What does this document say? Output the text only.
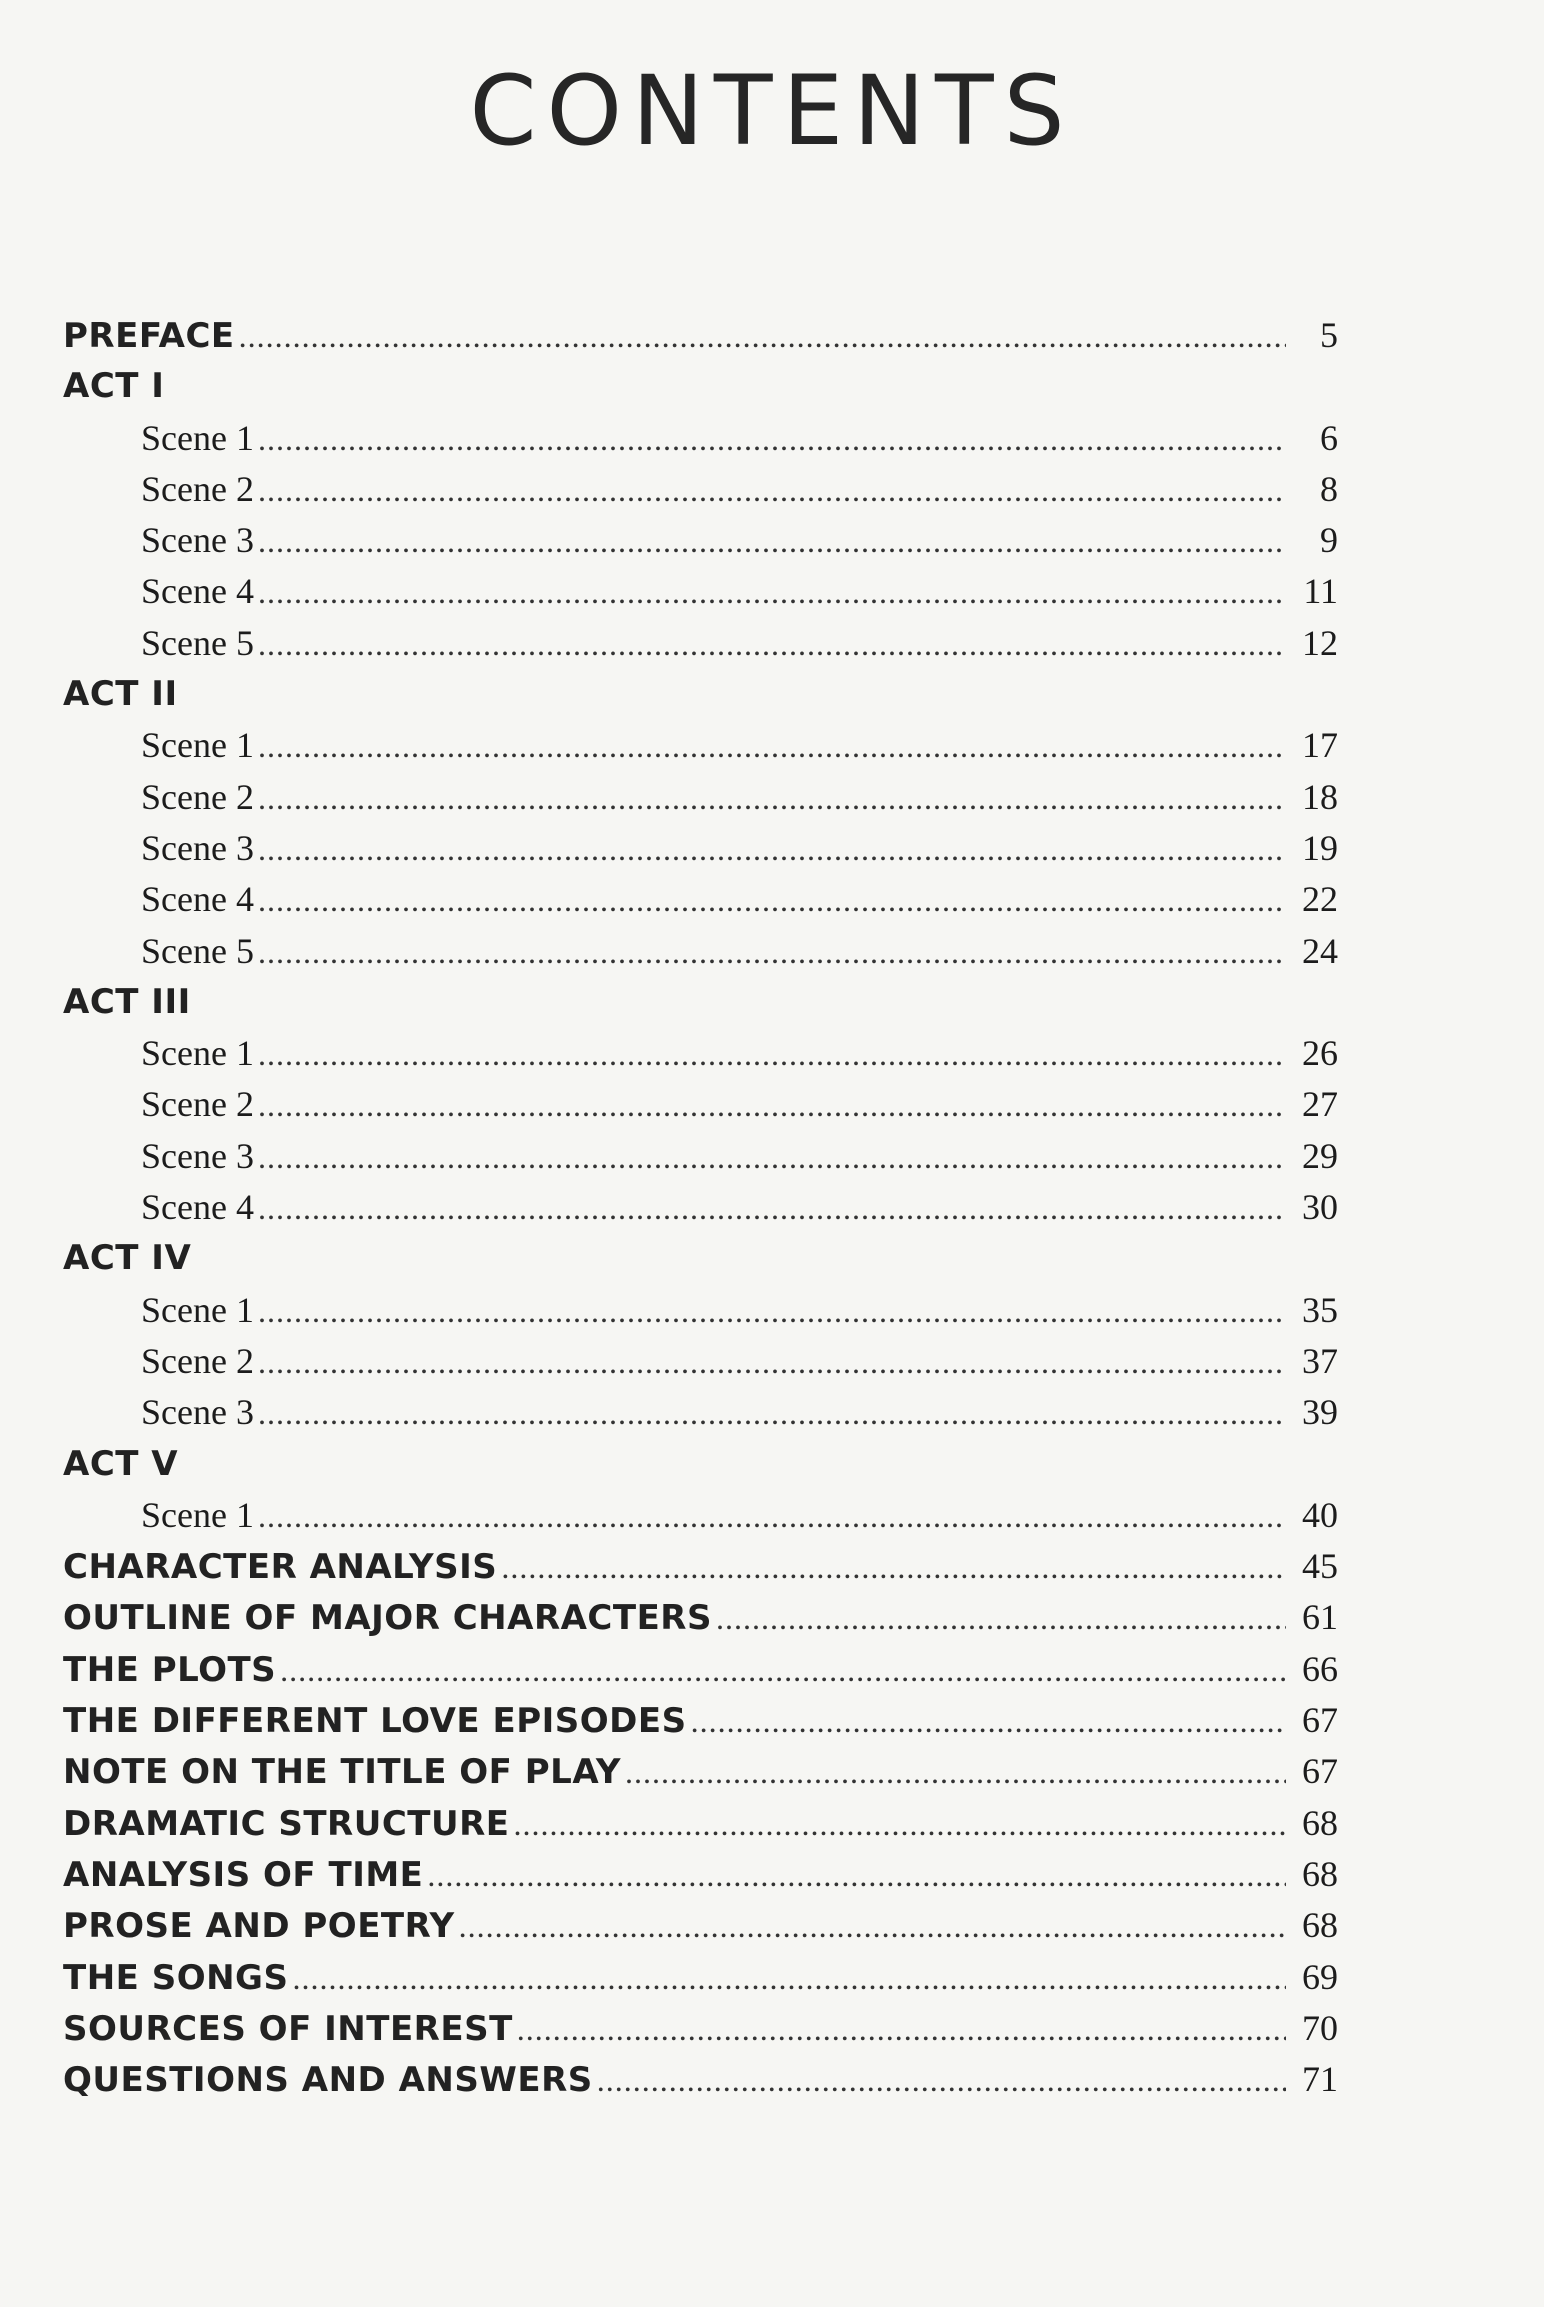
CONTENTS
PREFACE .....	5
ACT I
Scene 1 .....	6
Scene 2 .....	8
Scene 3 .....	9
Scene 4 .....	11
Scene 5 .....	12
ACT II
Scene 1 .....	17
Scene 2 .....	18
Scene 3 .....	19
Scene 4 .....	22
Scene 5 .....	24
ACT III
Scene 1 .....	26
Scene 2 .....	27
Scene 3 .....	29
Scene 4 .....	30
ACT IV
Scene 1 .....	35
Scene 2 .....	37
Scene 3 .....	39
ACT V
Scene 1 .....	40
CHARACTER ANALYSIS .....	45
OUTLINE OF MAJOR CHARACTERS .....	61
THE PLOTS .....	66
THE DIFFERENT LOVE EPISODES .....	67
NOTE ON THE TITLE OF PLAY .....	67
DRAMATIC STRUCTURE .....	68
ANALYSIS OF TIME .....	68
PROSE AND POETRY .....	68
THE SONGS .....	69
SOURCES OF INTEREST .....	70
QUESTIONS AND ANSWERS .....	71
